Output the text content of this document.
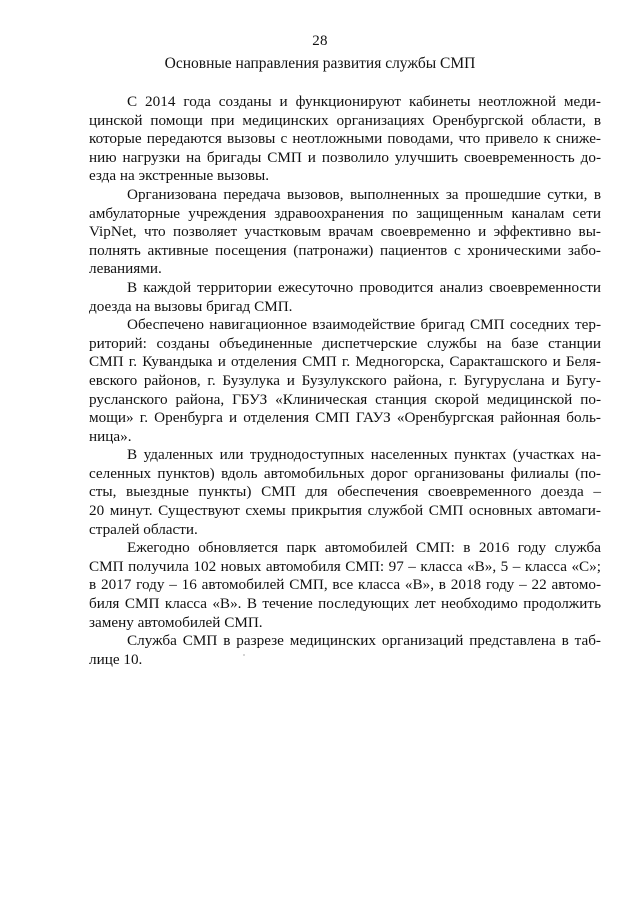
28
Основные направления развития службы СМП

С 2014 года созданы и функционируют кабинеты неотложной меди-
цинской помощи при медицинских организациях Оренбургской области, в
которые передаются вызовы с неотложными поводами, что привело к сниже-
нию нагрузки на бригады СМП и позволило улучшить своевременность до-
езда на экстренные вызовы.

Организована передача вызовов, выполненных за прошедшие сутки, в
амбулаторные учреждения здравоохранения по защищенным каналам сети
VipNet, что позволяет участковым врачам своевременно и эффективно вы-
полнять активные посещения (патронажи) пациентов с хроническими забо-
леваниями.

В каждой территории ежесуточно проводится анализ своевременности
доезда на вызовы бригад СМП.

Обеспечено навигационное взаимодействие бригад СМП соседних тер-
риторий: созданы объединенные диспетчерские службы на базе станции
СМП г. Кувандыка и отделения СМП г. Медногорска, Саракташского и Беля-
евского районов, г. Бузулука и Бузулукского района, г. Бугуруслана и Бугу-
русланского района, ГБУЗ «Клиническая станция скорой медицинской по-
мощи» г. Оренбурга и отделения СМП ГАУЗ «Оренбургская районная боль-
ница».

В удаленных или труднодоступных населенных пунктах (участках на-
селенных пунктов) вдоль автомобильных дорог организованы филиалы (по-
сты, выездные пункты) СМП для обеспечения своевременного доезда –
20 минут. Существуют схемы прикрытия службой СМП основных автомаги-
стралей области.

Ежегодно обновляется парк автомобилей СМП: в 2016 году служба
СМП получила 102 новых автомобиля СМП: 97 – класса «В», 5 – класса «С»;
в 2017 году – 16 автомобилей СМП, все класса «В», в 2018 году – 22 автомо-
биля СМП класса «В». В течение последующих лет необходимо продолжить
замену автомобилей СМП.

Служба СМП в разрезе медицинских организаций представлена в таб-
лице 10.
